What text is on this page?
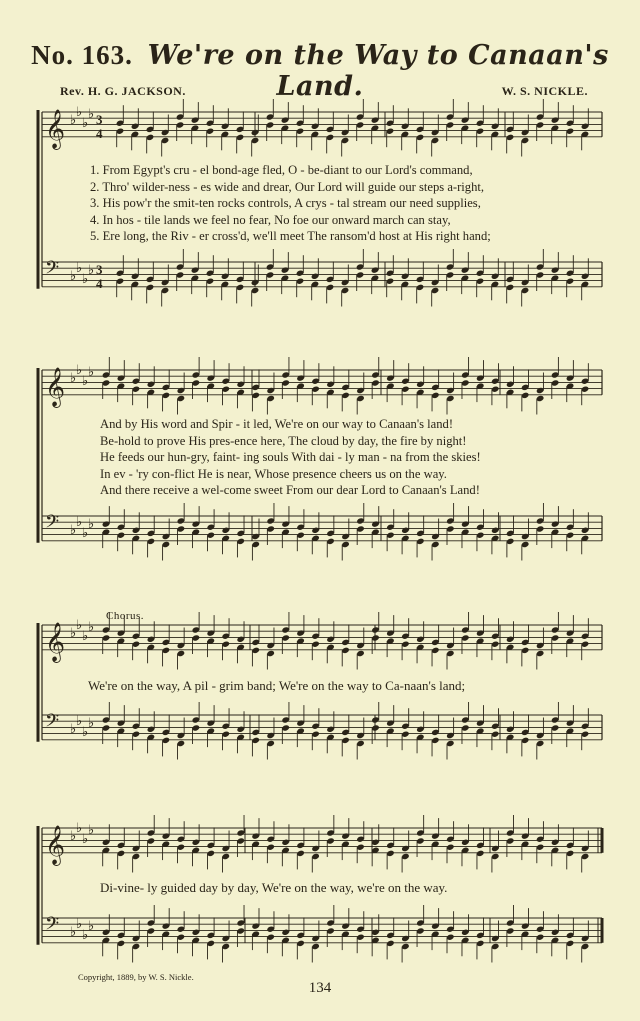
No. 163. We're on the Way to Canaan's Land.
Rev. H. G. JACKSON.	W. S. NICKLE.
𝄞 ♭
♭
♭
♭ 3
4
𝄢 ♭
♭
♭
♭ 3
4
𝄞 ♭
♭
♭
♭
𝄢 ♭
♭
♭
♭
𝄞 ♭
♭
♭
♭
𝄢 ♭
♭
♭
♭
𝄞 ♭
♭
♭
♭
𝄢 ♭
♭
♭
♭
1. From Egypt's cru - el bond-age fled, O - be-diant to our Lord's command,
2. Thro' wilder-ness - es wide and drear, Our Lord will guide our steps a-right,
3. His pow'r the smit-ten rocks controls, A crys - tal stream our need supplies,
4. In hos - tile lands we feel no fear, No foe our onward march can stay,
5. Ere long, the Riv - er cross'd, we'll meet The ransom'd host at His right hand;
And by His word and Spir - it led, We're on our way to Canaan's land!
Be-hold to prove His pres-ence here, The cloud by day, the fire by night!
He feeds our hun-gry, faint- ing souls With dai - ly man - na from the skies!
In ev - 'ry con-flict He is near, Whose presence cheers us on the way.
And there receive a wel-come sweet From our dear Lord to Canaan's Land!
Chorus.
We're on the way, A pil - grim band; We're on the way to Ca-naan's land;
Di-vine- ly guided day by day, We're on the way, we're on the way.
Copyright, 1889, by W. S. Nickle.
134
